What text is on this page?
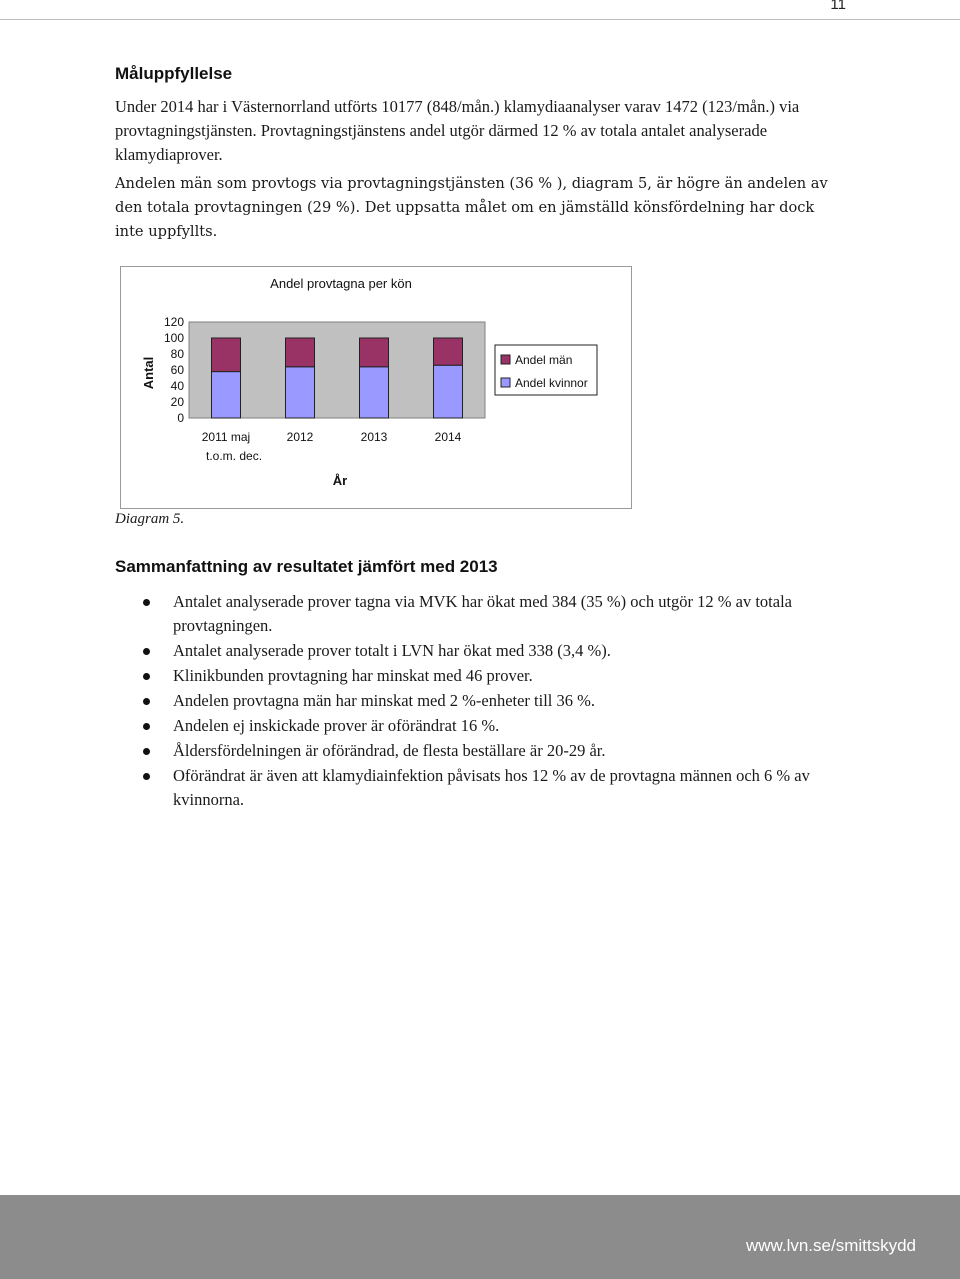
11
Måluppfyllelse

Under 2014 har i Västernorrland utförts 10177 (848/mån.) klamydiaanalyser varav 1472 (123/mån.) via provtagningstjänsten. Provtagningstjänstens andel utgör därmed 12 % av totala antalet analyserade klamydiaprover.

Andelen män som provtogs via provtagningstjänsten (36 % ), diagram 5, är högre än andelen av den totala provtagningen (29 %). Det uppsatta målet om en jämställd könsfördelning har dock inte uppfyllts.

Andel provtagna per kön
Antal
År
120
100
80
60
40
20
0
2011 maj t.o.m. dec.
2012	2013	2014
Andel män
Andel kvinnor

Diagram 5.

Sammanfattning av resultatet jämfört med 2013
Antalet analyserade prover tagna via MVK har ökat med 384 (35 %) och utgör 12 % av totala provtagningen.
Antalet analyserade prover totalt i LVN har ökat med 338 (3,4 %).
Klinikbunden provtagning har minskat med 46 prover.
Andelen provtagna män har minskat med 2 %-enheter till 36 %.
Andelen ej inskickade prover är oförändrat 16 %.
Åldersfördelningen är oförändrad, de flesta beställare är 20-29 år.
Oförändrat är även att klamydiainfektion påvisats hos 12 % av de provtagna männen och 6 % av kvinnorna.
www.lvn.se/smittskydd
